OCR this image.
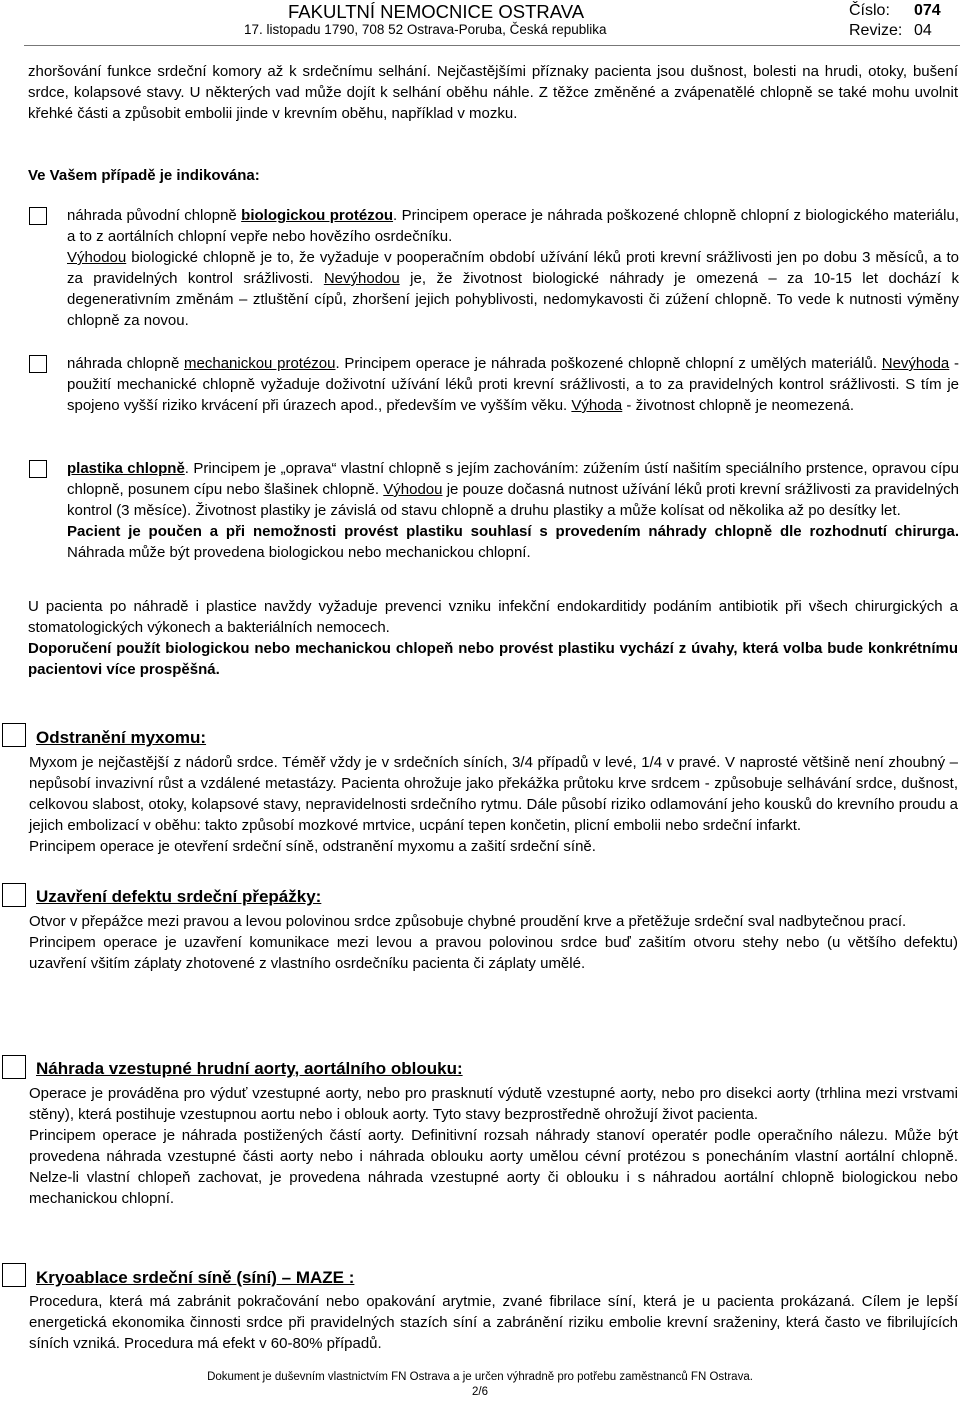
FAKULTNÍ NEMOCNICE OSTRAVA
17. listopadu 1790, 708 52 Ostrava-Poruba, Česká republika
Číslo: 074
Revize: 04

zhoršování funkce srdeční komory až k srdečnímu selhání. Nejčastějšími příznaky pacienta jsou dušnost, bolesti na hrudi, otoky, bušení srdce, kolapsové stavy. U některých vad může dojít k selhání oběhu náhle. Z těžce změněné a zvápenatělé chlopně se také mohu uvolnit křehké části a způsobit embolii jinde v krevním oběhu, například v mozku.

Ve Vašem případě je indikována:

náhrada původní chlopně biologickou protézou. Principem operace je náhrada poškozené chlopně chlopní z biologického materiálu, a to z aortálních chlopní vepře nebo hovězího osrdečníku.
Výhodou biologické chlopně je to, že vyžaduje v pooperačním období užívání léků proti krevní srážlivosti jen po dobu 3 měsíců, a to za pravidelných kontrol srážlivosti. Nevýhodou je, že životnost biologické náhrady je omezená – za 10-15 let dochází k degenerativním změnám – ztluštění cípů, zhoršení jejich pohyblivosti, nedomykavosti či zúžení chlopně. To vede k nutnosti výměny chlopně za novou.

náhrada chlopně mechanickou protézou. Principem operace je náhrada poškozené chlopně chlopní z umělých materiálů. Nevýhoda - použití mechanické chlopně vyžaduje doživotní užívání léků proti krevní srážlivosti, a to za pravidelných kontrol srážlivosti. S tím je spojeno vyšší riziko krvácení při úrazech apod., především ve vyšším věku. Výhoda - životnost chlopně je neomezená.

plastika chlopně. Principem je „oprava“ vlastní chlopně s jejím zachováním: zúžením ústí našitím speciálního prstence, opravou cípu chlopně, posunem cípu nebo šlašinek chlopně. Výhodou je pouze dočasná nutnost užívání léků proti krevní srážlivosti za pravidelných kontrol (3 měsíce). Životnost plastiky je závislá od stavu chlopně a druhu plastiky a může kolísat od několika až po desítky let.
Pacient je poučen a při nemožnosti provést plastiku souhlasí s provedením náhrady chlopně dle rozhodnutí chirurga. Náhrada může být provedena biologickou nebo mechanickou chlopní.

U pacienta po náhradě i plastice navždy vyžaduje prevenci vzniku infekční endokarditidy podáním antibiotik při všech chirurgických a stomatologických výkonech a bakteriálních nemocech.

Doporučení použít biologickou nebo mechanickou chlopeň nebo provést plastiku vychází z úvahy, která volba bude konkrétnímu pacientovi více prospěšná.

Odstranění myxomu:

Myxom je nejčastější z nádorů srdce. Téměř vždy je v srdečních síních, 3/4 případů v levé, 1/4 v pravé. V naprosté většině není zhoubný – nepůsobí invazivní růst a vzdálené metastázy. Pacienta ohrožuje jako překážka průtoku krve srdcem - způsobuje selhávání srdce, dušnost, celkovou slabost, otoky, kolapsové stavy, nepravidelnosti srdečního rytmu. Dále působí riziko odlamování jeho kousků do krevního proudu a jejich embolizací v oběhu: takto způsobí mozkové mrtvice, ucpání tepen končetin, plicní embolii nebo srdeční infarkt.

Principem operace je otevření srdeční síně, odstranění myxomu a zašití srdeční síně.

Uzavření defektu srdeční přepážky:

Otvor v přepážce mezi pravou a levou polovinou srdce způsobuje chybné proudění krve a přetěžuje srdeční sval nadbytečnou prací.

Principem operace je uzavření komunikace mezi levou a pravou polovinou srdce buď zašitím otvoru stehy nebo (u většího defektu) uzavření všitím záplaty zhotovené z vlastního osrdečníku pacienta či záplaty umělé.

Náhrada vzestupné hrudní aorty, aortálního oblouku:

Operace je prováděna pro výduť vzestupné aorty, nebo pro prasknutí výdutě vzestupné aorty, nebo pro disekci aorty (trhlina mezi vrstvami stěny), která postihuje vzestupnou aortu nebo i oblouk aorty. Tyto stavy bezprostředně ohrožují život pacienta.

Principem operace je náhrada postižených částí aorty. Definitivní rozsah náhrady stanoví operatér podle operačního nálezu. Může být provedena náhrada vzestupné části aorty nebo i náhrada oblouku aorty umělou cévní protézou s ponecháním vlastní aortální chlopně. Nelze-li vlastní chlopeň zachovat, je provedena náhrada vzestupné aorty či oblouku i s náhradou aortální chlopně biologickou nebo mechanickou chlopní.

Kryoablace srdeční síně (síní) – MAZE :

Procedura, která má zabránit pokračování nebo opakování arytmie, zvané fibrilace síní, která je u pacienta prokázaná. Cílem je lepší energetická ekonomika činnosti srdce při pravidelných stazích síní a zabránění riziku embolie krevní sraženiny, která často ve fibrilujících síních vzniká. Procedura má efekt v 60-80% případů.

Dokument je duševním vlastnictvím FN Ostrava a je určen výhradně pro potřebu zaměstnanců FN Ostrava.
2/6
